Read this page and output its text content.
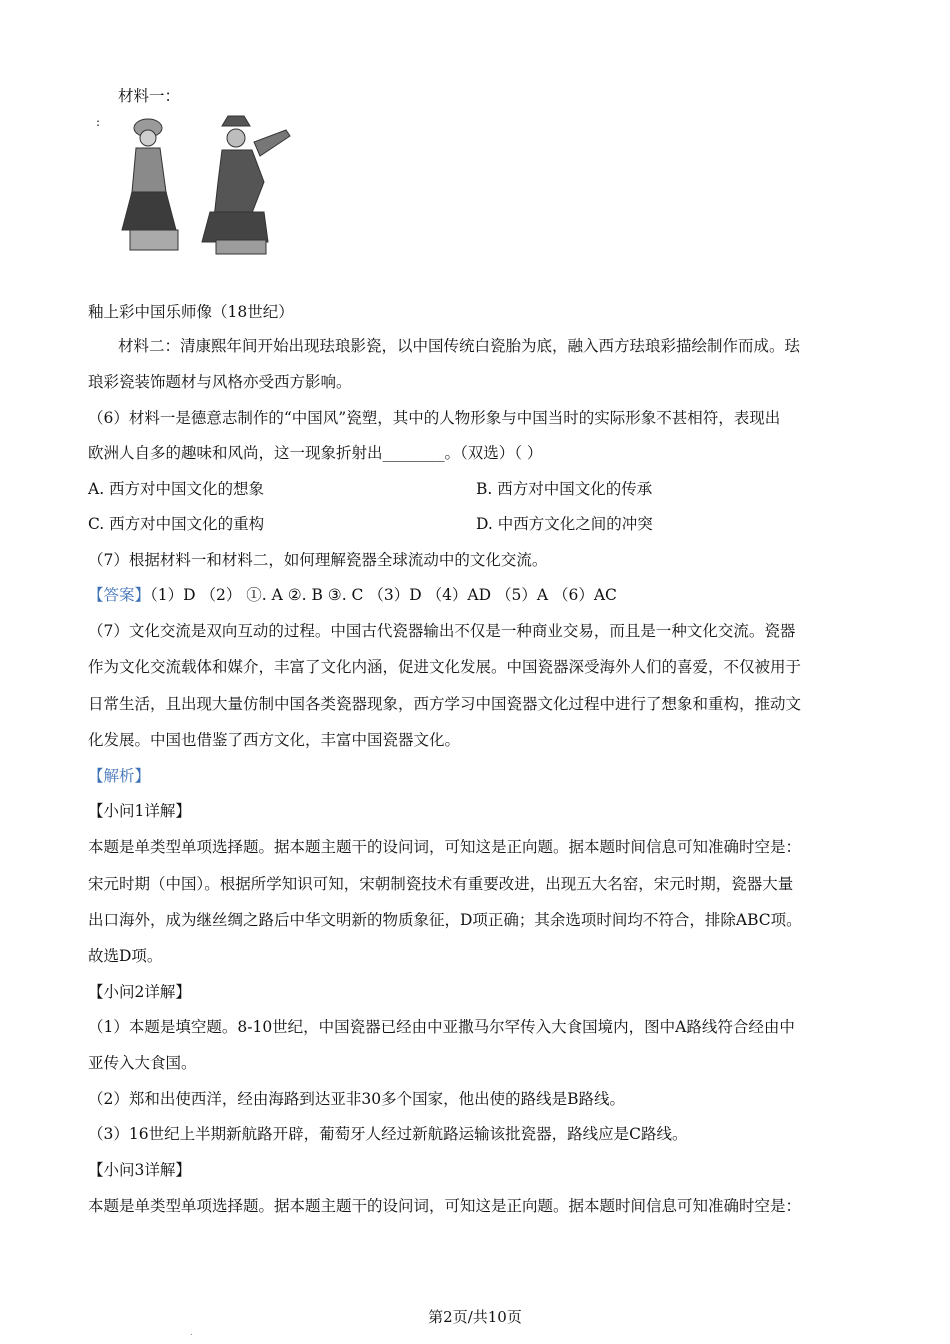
材料一：
:
釉上彩中国乐师像（18世纪）
材料二：清康熙年间开始出现珐琅影瓷，以中国传统白瓷胎为底，融入西方珐琅彩描绘制作而成。珐
琅彩瓷装饰题材与风格亦受西方影响。
（6）材料一是德意志制作的“中国风”瓷塑，其中的人物形象与中国当时的实际形象不甚相符，表现出
欧洲人自多的趣味和风尚，这一现象折射出________。（双选）（ ）
A. 西方对中国文化的想象	B. 西方对中国文化的传承
C. 西方对中国文化的重构	D. 中西方文化之间的冲突
（7）根据材料一和材料二，如何理解瓷器全球流动中的文化交流。
【答案】（1）D （2） ①. A ②. B ③. C （3）D （4）AD （5）A （6）AC
（7）文化交流是双向互动的过程。中国古代瓷器输出不仅是一种商业交易，而且是一种文化交流。瓷器
作为文化交流载体和媒介，丰富了文化内涵，促进文化发展。中国瓷器深受海外人们的喜爱，不仅被用于
日常生活，且出现大量仿制中国各类瓷器现象，西方学习中国瓷器文化过程中进行了想象和重构，推动文
化发展。中国也借鉴了西方文化，丰富中国瓷器文化。
【解析】
【小问1详解】
本题是单类型单项选择题。据本题主题干的设问词，可知这是正向题。据本题时间信息可知准确时空是：
宋元时期（中国）。根据所学知识可知，宋朝制瓷技术有重要改进，出现五大名窑，宋元时期，瓷器大量
出口海外，成为继丝绸之路后中华文明新的物质象征，D项正确；其余选项时间均不符合，排除ABC项。
故选D项。
【小问2详解】
（1）本题是填空题。8-10世纪，中国瓷器已经由中亚撒马尔罕传入大食国境内，图中A路线符合经由中
亚传入大食国。
（2）郑和出使西洋，经由海路到达亚非30多个国家，他出使的路线是B路线。
（3）16世纪上半期新航路开辟，葡萄牙人经过新航路运输该批瓷器，路线应是C路线。
【小问3详解】
本题是单类型单项选择题。据本题主题干的设问词，可知这是正向题。据本题时间信息可知准确时空是：
.
第2页/共10页
